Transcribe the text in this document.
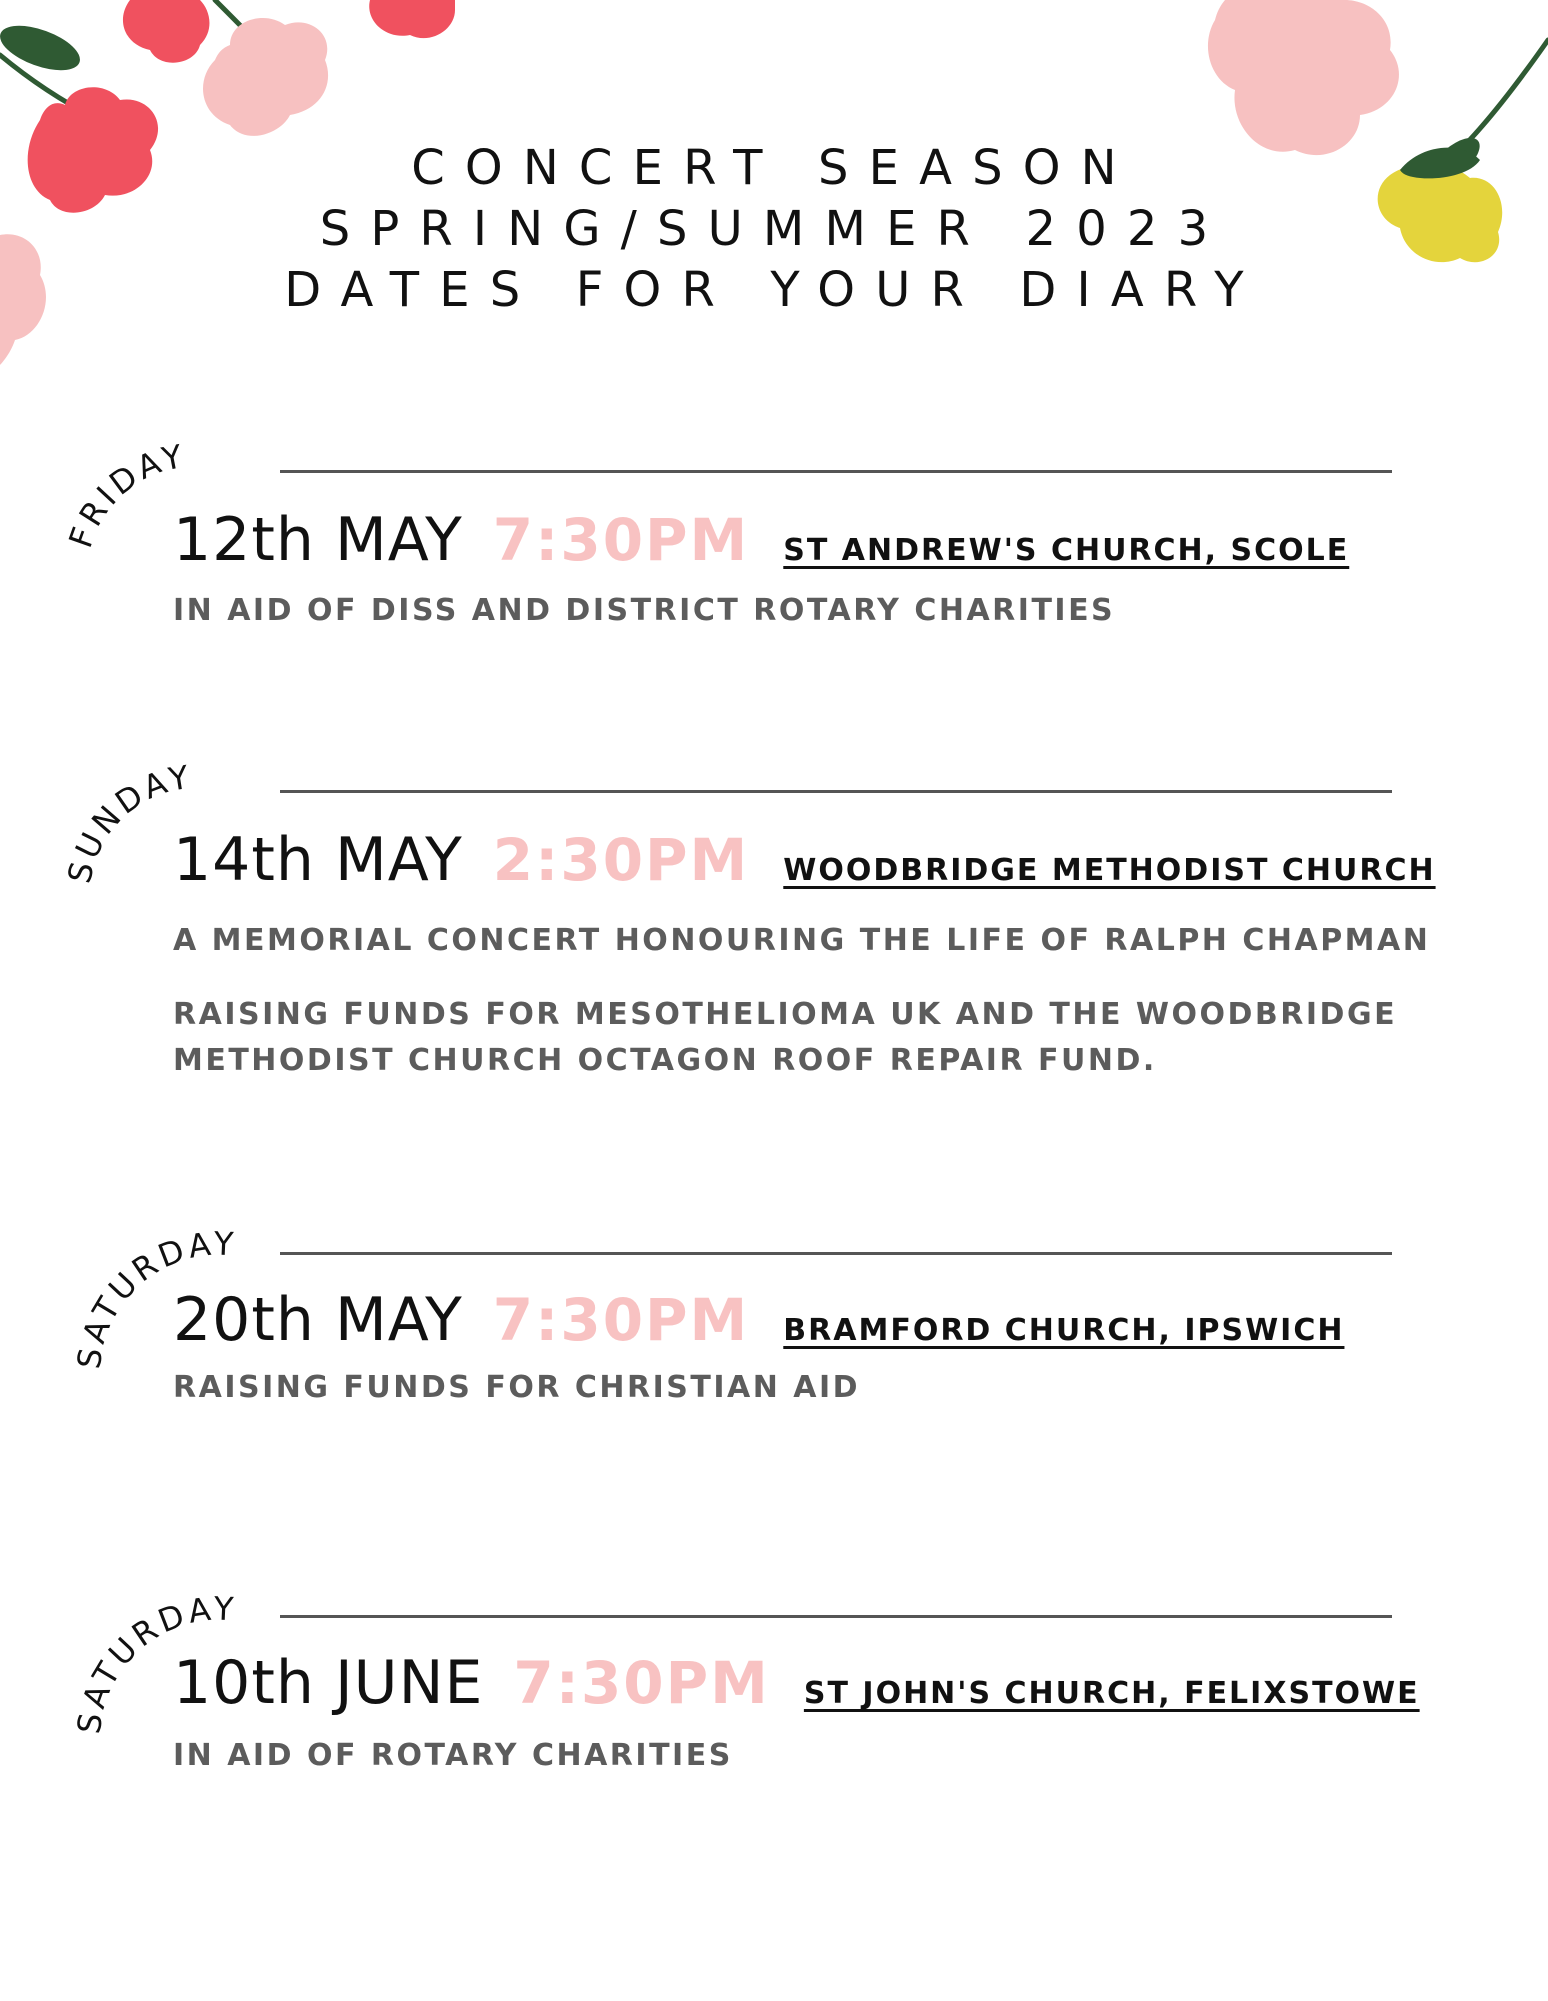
CONCERT SEASON
SPRING/SUMMER 2023
DATES FOR YOUR DIARY
FRIDAY
12th MAY 7:30PM ST ANDREW'S CHURCH, SCOLE
IN AID OF DISS AND DISTRICT ROTARY CHARITIES
SUNDAY
14th MAY 2:30PM WOODBRIDGE METHODIST CHURCH
A MEMORIAL CONCERT HONOURING THE LIFE OF RALPH CHAPMAN
RAISING FUNDS FOR MESOTHELIOMA UK AND THE WOODBRIDGE
METHODIST CHURCH OCTAGON ROOF REPAIR FUND.
SATURDAY
20th MAY 7:30PM BRAMFORD CHURCH, IPSWICH
RAISING FUNDS FOR CHRISTIAN AID
SATURDAY
10th JUNE 7:30PM ST JOHN'S CHURCH, FELIXSTOWE
IN AID OF ROTARY CHARITIES
